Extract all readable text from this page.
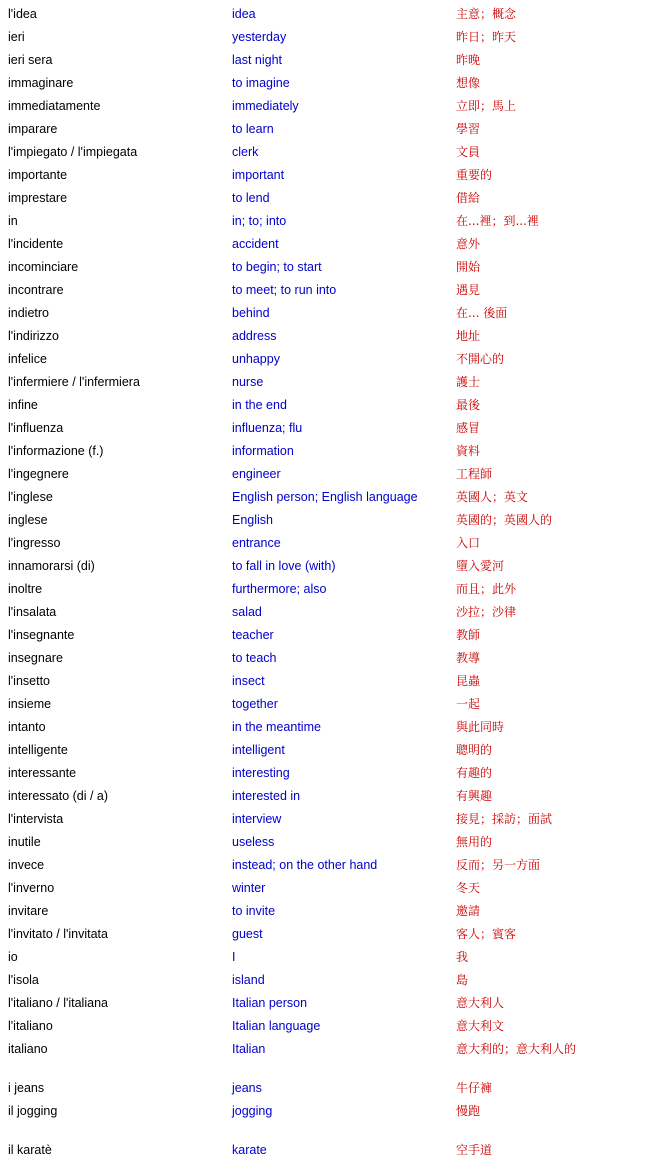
l'idea	idea	主意；概念
ieri	yesterday	昨日；昨天
ieri sera	last night	昨晚
immaginare	to imagine	想像
immediatamente	immediately	立即；馬上
imparare	to learn	學習
l'impiegato / l'impiegata	clerk	文員
importante	important	重要的
imprestare	to lend	借給
in	in; to; into	在...裡；到...裡
l'incidente	accident	意外
incominciare	to begin; to start	開始
incontrare	to meet; to run into	遇見
indietro	behind	在... 後面
l'indirizzo	address	地址
infelice	unhappy	不開心的
l'infermiere / l'infermiera	nurse	護士
infine	in the end	最後
l'influenza	influenza; flu	感冒
l'informazione (f.)	information	資料
l'ingegnere	engineer	工程師
l'inglese	English person; English language	英國人；英文
inglese	English	英國的；英國人的
l'ingresso	entrance	入口
innamorarsi (di)	to fall in love (with)	墮入愛河
inoltre	furthermore; also	而且；此外
l'insalata	salad	沙拉；沙律
l'insegnante	teacher	教師
insegnare	to teach	教導
l'insetto	insect	昆蟲
insieme	together	一起
intanto	in the meantime	與此同時
intelligente	intelligent	聰明的
interessante	interesting	有趣的
interessato (di / a)	interested in	有興趣
l'intervista	interview	接見；採訪；面試
inutile	useless	無用的
invece	instead; on the other hand	反而；另一方面
l'inverno	winter	冬天
invitare	to invite	邀請
l'invitato / l'invitata	guest	客人；賓客
io	I	我
l'isola	island	島
l'italiano / l'italiana	Italian person	意大利人
l'italiano	Italian language	意大利文
italiano	Italian	意大利的；意大利人的
i jeans	jeans	牛仔褲
il jogging	jogging	慢跑
il karatè	karate	空手道
